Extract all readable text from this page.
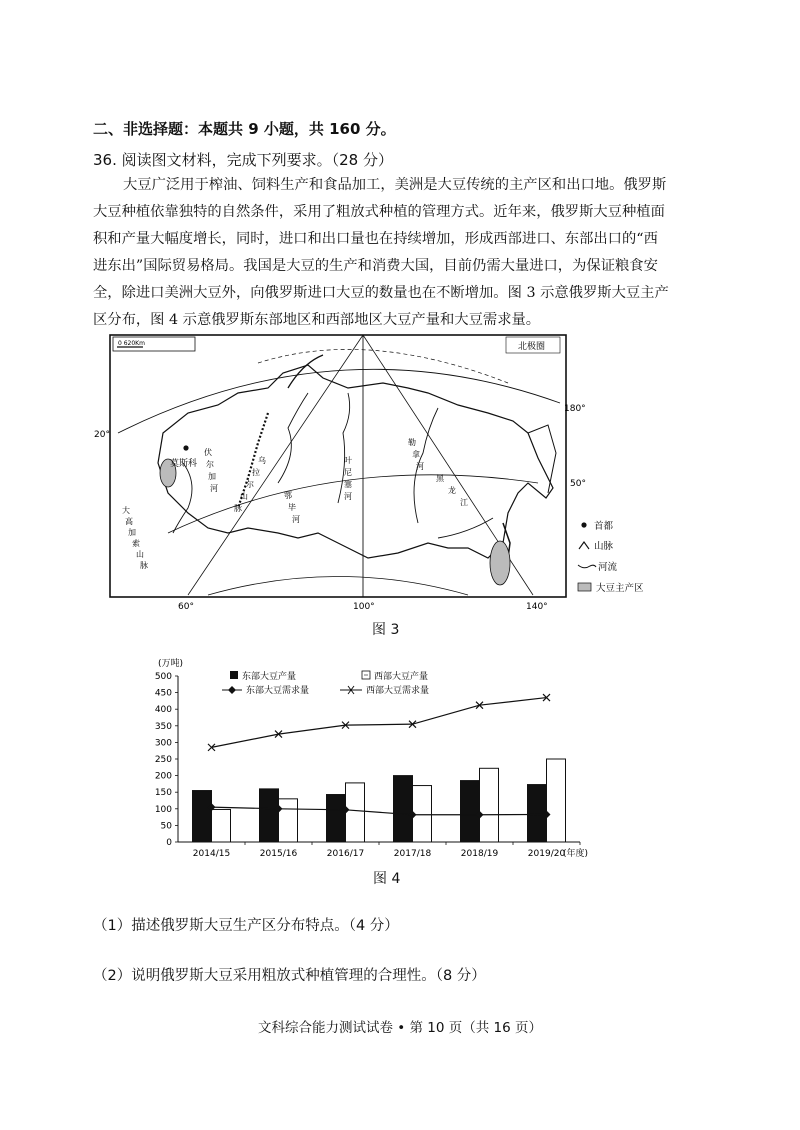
二、非选择题：本题共 9 小题，共 160 分。
36. 阅读图文材料，完成下列要求。（28 分）
大豆广泛用于榨油、饲料生产和食品加工，美洲是大豆传统的主产区和出口地。俄罗斯
大豆种植依靠独特的自然条件，采用了粗放式种植的管理方式。近年来，俄罗斯大豆种植面
积和产量大幅度增长，同时，进口和出口量也在持续增加，形成西部进口、东部出口的“西
进东出”国际贸易格局。我国是大豆的生产和消费大国，目前仍需大量进口，为保证粮食安
全，除进口美洲大豆外，向俄罗斯进口大豆的数量也在不断增加。图 3 示意俄罗斯大豆主产
区分布，图 4 示意俄罗斯东部地区和西部地区大豆产量和大豆需求量。
0 620Km	北极圈
莫斯科
伏
尔
加
河
乌
拉
尔
山
脉
大
高
加
索
山
脉
鄂
毕
河
叶
尼
塞
河
勒
拿
河
黑
龙
江
20°
50°
180°
60°	100°	140°
首都
山脉
河流
大豆主产区
图 3
(万吨)
(年度)
2014/15	2015/16	2016/17	2017/18	2018/19	2019/20
0
50
100
150
200
250
300
350
400
450
500	东部大豆产量	西部大豆产量
东部大豆需求量	西部大豆需求量
图 4
（1）描述俄罗斯大豆生产区分布特点。（4 分）
（2）说明俄罗斯大豆采用粗放式种植管理的合理性。（8 分）
文科综合能力测试试卷 • 第 10 页（共 16 页）
